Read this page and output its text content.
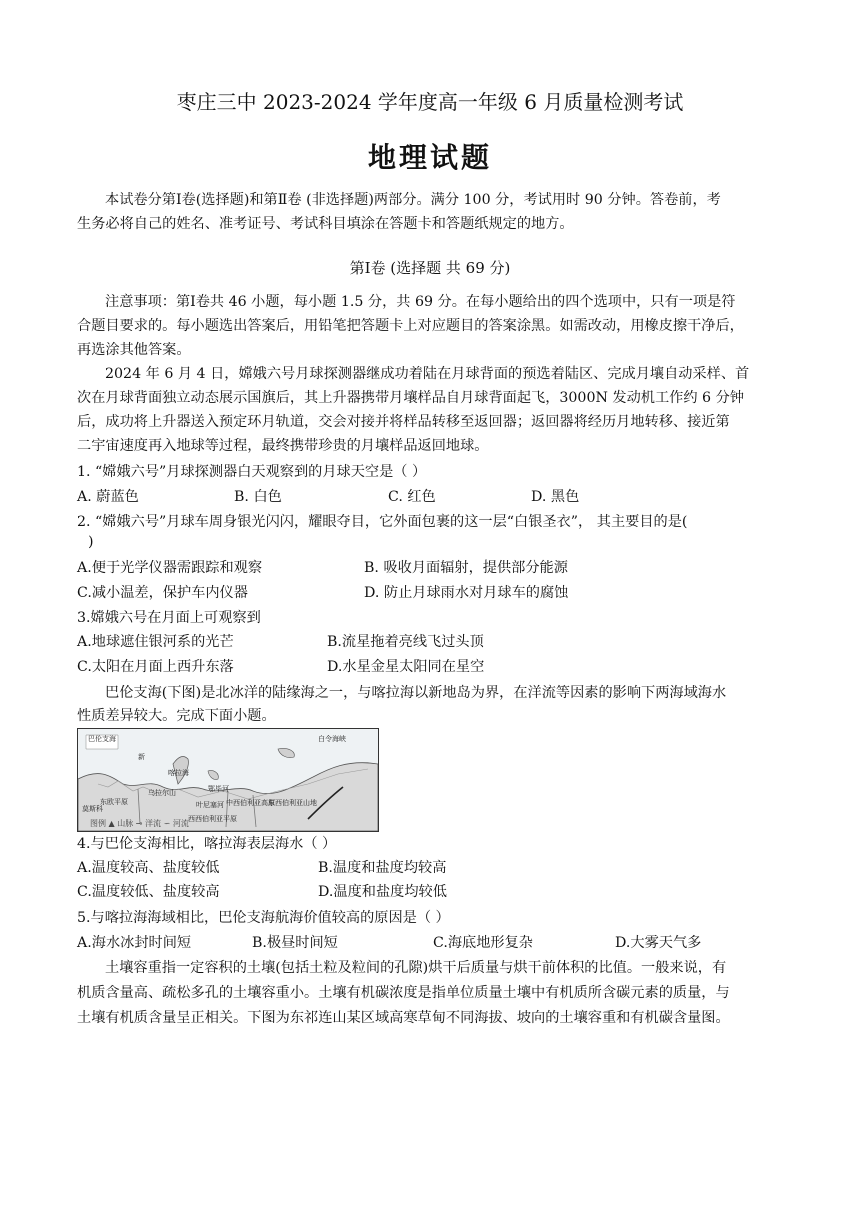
枣庄三中 2023-2024 学年度高一年级 6 月质量检测考试
地理试题
本试卷分第Ⅰ卷(选择题)和第Ⅱ卷 (非选择题)两部分。满分 100 分，考试用时 90 分钟。答卷前，考
生务必将自己的姓名、准考证号、考试科目填涂在答题卡和答题纸规定的地方。
第Ⅰ卷 (选择题 共 69 分)
注意事项：第Ⅰ卷共 46 小题，每小题 1.5 分，共 69 分。在每小题给出的四个选项中，只有一项是符
合题目要求的。每小题选出答案后，用铅笔把答题卡上对应题目的答案涂黑。如需改动，用橡皮擦干净后，
再选涂其他答案。
2024 年 6 月 4 日，嫦娥六号月球探测器继成功着陆在月球背面的预选着陆区、完成月壤自动采样、首
次在月球背面独立动态展示国旗后，其上升器携带月壤样品自月球背面起飞，3000N 发动机工作约 6 分钟
后，成功将上升器送入预定环月轨道，交会对接并将样品转移至返回器；返回器将经历月地转移、接近第
二宇宙速度再入地球等过程，最终携带珍贵的月壤样品返回地球。
1. “嫦娥六号”月球探测器白天观察到的月球天空是（ ）
A. 蔚蓝色	B. 白色	C. 红色	D. 黑色
2. “嫦娥六号”月球车周身银光闪闪，耀眼夺目，它外面包裹的这一层“白银圣衣”， 其主要目的是(
)
A.便于光学仪器需跟踪和观察	B. 吸收月面辐射，提供部分能源
C.减小温差，保护车内仪器	D. 防止月球雨水对月球车的腐蚀
3.嫦娥六号在月面上可观察到
A.地球遮住银河系的光芒	B.流星拖着亮线飞过头顶
C.太阳在月面上西升东落	D.水星金星太阳同在星空
巴伦支海(下图)是北冰洋的陆缘海之一，与喀拉海以新地岛为界，在洋流等因素的影响下两海域海水
性质差异较大。完成下面小题。
巴伦支海
新
喀拉海
东欧平原	叶尼塞河 中西伯利亚高原
东西伯利亚山地
白令海峡
莫斯科
西西伯利亚平原
鄂毕河
乌拉尔山
图例 ▲ 山脉 ⊸ 洋流 ∽ 河流
4.与巴伦支海相比，喀拉海表层海水（ ）
A.温度较高、盐度较低	B.温度和盐度均较高
C.温度较低、盐度较高	D.温度和盐度均较低
5.与喀拉海海域相比，巴伦支海航海价值较高的原因是（ ）
A.海水冰封时间短	B.极昼时间短	C.海底地形复杂	D.大雾天气多
土壤容重指一定容积的土壤(包括土粒及粒间的孔隙)烘干后质量与烘干前体积的比值。一般来说，有
机质含量高、疏松多孔的土壤容重小。土壤有机碳浓度是指单位质量土壤中有机质所含碳元素的质量，与
土壤有机质含量呈正相关。下图为东祁连山某区域高寒草甸不同海拔、坡向的土壤容重和有机碳含量图。
